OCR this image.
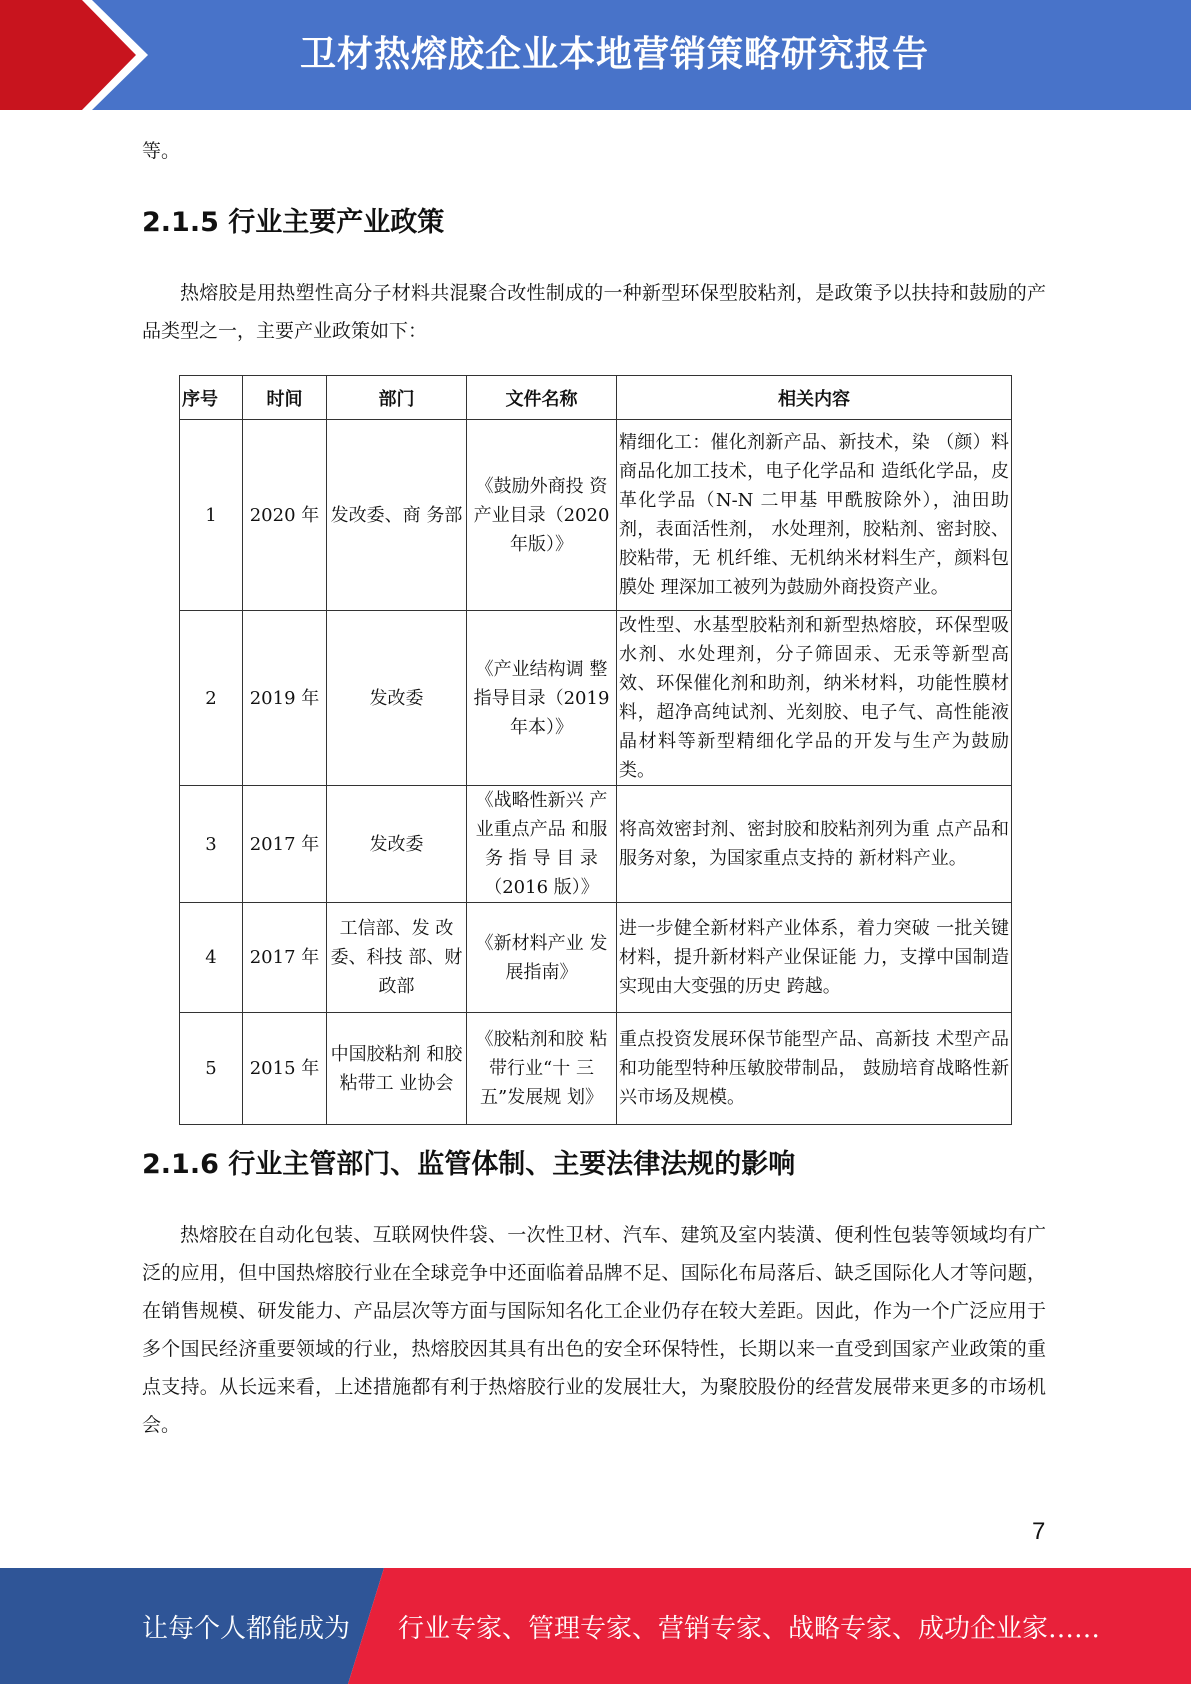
卫材热熔胶企业本地营销策略研究报告
等。
2.1.5 行业主要产业政策

热熔胶是用热塑性高分子材料共混聚合改性制成的一种新型环保型胶粘剂，是政策予以扶持和鼓励的产品类型之一，主要产业政策如下：

序号	时间	部门	文件名称	相关内容
1	2020 年	发改委、商 务部	《鼓励外商投 资产业目录（2020 年版）》	精细化工：催化剂新产品、新技术，染 （颜）料商品化加工技术，电子化学品和 造纸化学品，皮革化学品（N-N 二甲基 甲酰胺除外），油田助剂，表面活性剂， 水处理剂，胶粘剂、密封胶、胶粘带，无 机纤维、无机纳米材料生产，颜料包膜处 理深加工被列为鼓励外商投资产业。
2	2019 年	发改委	《产业结构调 整指导目录（2019 年本）》	改性型、水基型胶粘剂和新型热熔胶，环保型吸水剂、水处理剂，分子筛固汞、无汞等新型高效、环保催化剂和助剂，纳米材料，功能性膜材料，超净高纯试剂、光刻胶、电子气、高性能液晶材料等新型精细化学品的开发与生产为鼓励类。
3	2017 年	发改委	《战略性新兴 产业重点产品 和服务 指 导 目 录（2016 版）》	将高效密封剂、密封胶和胶粘剂列为重 点产品和服务对象，为国家重点支持的 新材料产业。
4	2017 年	工信部、发 改委、科技 部、财政部	《新材料产业 发展指南》	进一步健全新材料产业体系，着力突破 一批关键材料，提升新材料产业保证能 力，支撑中国制造实现由大变强的历史 跨越。
5	2015 年	中国胶粘剂 和胶粘带工 业协会	《胶粘剂和胶 粘带行业“十 三五”发展规 划》	重点投资发展环保节能型产品、高新技 术型产品和功能型特种压敏胶带制品， 鼓励培育战略性新兴市场及规模。
2.1.6 行业主管部门、监管体制、主要法律法规的影响

热熔胶在自动化包装、互联网快件袋、一次性卫材、汽车、建筑及室内装潢、便利性包装等领域均有广泛的应用，但中国热熔胶行业在全球竞争中还面临着品牌不足、国际化布局落后、缺乏国际化人才等问题，在销售规模、研发能力、产品层次等方面与国际知名化工企业仍存在较大差距。因此，作为一个广泛应用于多个国民经济重要领域的行业，热熔胶因其具有出色的安全环保特性，长期以来一直受到国家产业政策的重点支持。从长远来看，上述措施都有利于热熔胶行业的发展壮大，为聚胶股份的经营发展带来更多的市场机会。

7
让每个人都能成为 行业专家、管理专家、营销专家、战略专家、成功企业家……
